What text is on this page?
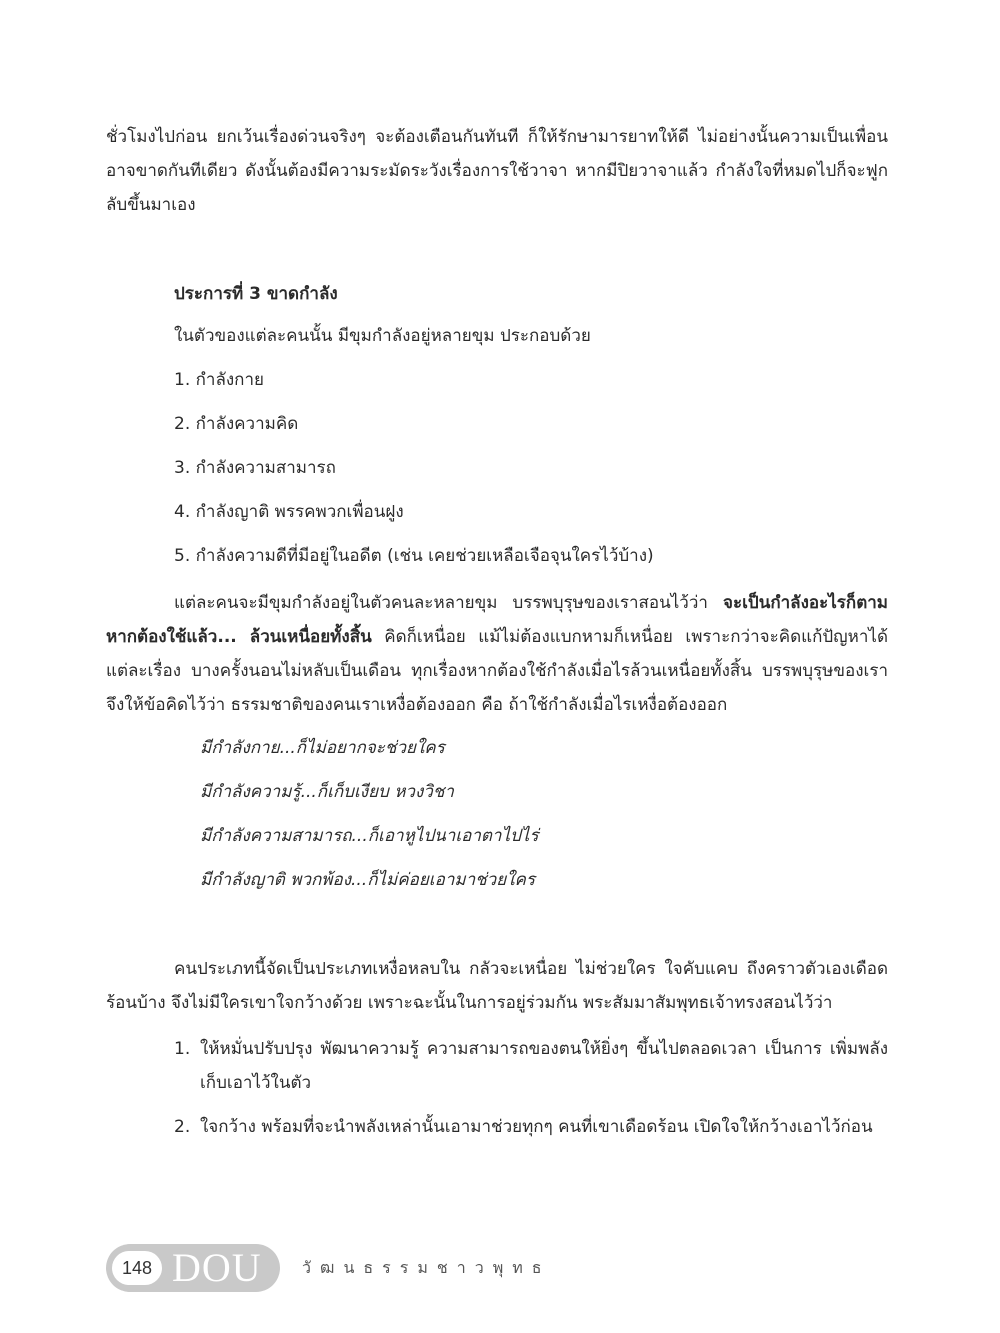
ชั่วโมงไปก่อน ยกเว้นเรื่องด่วนจริงๆ จะต้องเตือนกันทันที ก็ให้รักษามารยาทให้ดี ไม่อย่างนั้นความเป็นเพื่อนอาจขาดกันทีเดียว ดังนั้นต้องมีความระมัดระวังเรื่องการใช้วาจา หากมีปิยวาจาแล้ว กำลังใจที่หมดไปก็จะฟูกลับขึ้นมาเอง

ประการที่ 3 ขาดกำลัง

ในตัวของแต่ละคนนั้น มีขุมกำลังอยู่หลายขุม ประกอบด้วย

1. กำลังกาย

2. กำลังความคิด

3. กำลังความสามารถ

4. กำลังญาติ พรรคพวกเพื่อนฝูง

5. กำลังความดีที่มีอยู่ในอดีต (เช่น เคยช่วยเหลือเจือจุนใครไว้บ้าง)

แต่ละคนจะมีขุมกำลังอยู่ในตัวคนละหลายขุม บรรพบุรุษของเราสอนไว้ว่า จะเป็นกำลังอะไรก็ตาม หากต้องใช้แล้ว... ล้วนเหนื่อยทั้งสิ้น คิดก็เหนื่อย แม้ไม่ต้องแบกหามก็เหนื่อย เพราะกว่าจะคิดแก้ปัญหาได้แต่ละเรื่อง บางครั้งนอนไม่หลับเป็นเดือน ทุกเรื่องหากต้องใช้กำลังเมื่อไรล้วนเหนื่อยทั้งสิ้น บรรพบุรุษของเราจึงให้ข้อคิดไว้ว่า ธรรมชาติของคนเราเหงื่อต้องออก คือ ถ้าใช้กำลังเมื่อไรเหงื่อต้องออก

มีกำลังกาย...ก็ไม่อยากจะช่วยใคร

มีกำลังความรู้...ก็เก็บเงียบ หวงวิชา

มีกำลังความสามารถ...ก็เอาหูไปนาเอาตาไปไร่

มีกำลังญาติ พวกพ้อง...ก็ไม่ค่อยเอามาช่วยใคร

คนประเภทนี้จัดเป็นประเภทเหงื่อหลบใน กลัวจะเหนื่อย ไม่ช่วยใคร ใจคับแคบ ถึงคราวตัวเองเดือดร้อนบ้าง จึงไม่มีใครเขาใจกว้างด้วย เพราะฉะนั้นในการอยู่ร่วมกัน พระสัมมาสัมพุทธเจ้าทรงสอนไว้ว่า

1. ให้หมั่นปรับปรุง พัฒนาความรู้ ความสามารถของตนให้ยิ่งๆ ขึ้นไปตลอดเวลา เป็นการ เพิ่มพลังเก็บเอาไว้ในตัว
2. ใจกว้าง พร้อมที่จะนำพลังเหล่านั้นเอามาช่วยทุกๆ คนที่เขาเดือดร้อน เปิดใจให้กว้างเอาไว้ก่อน
148 DOU	วัฒนธรรมชาวพุทธ
